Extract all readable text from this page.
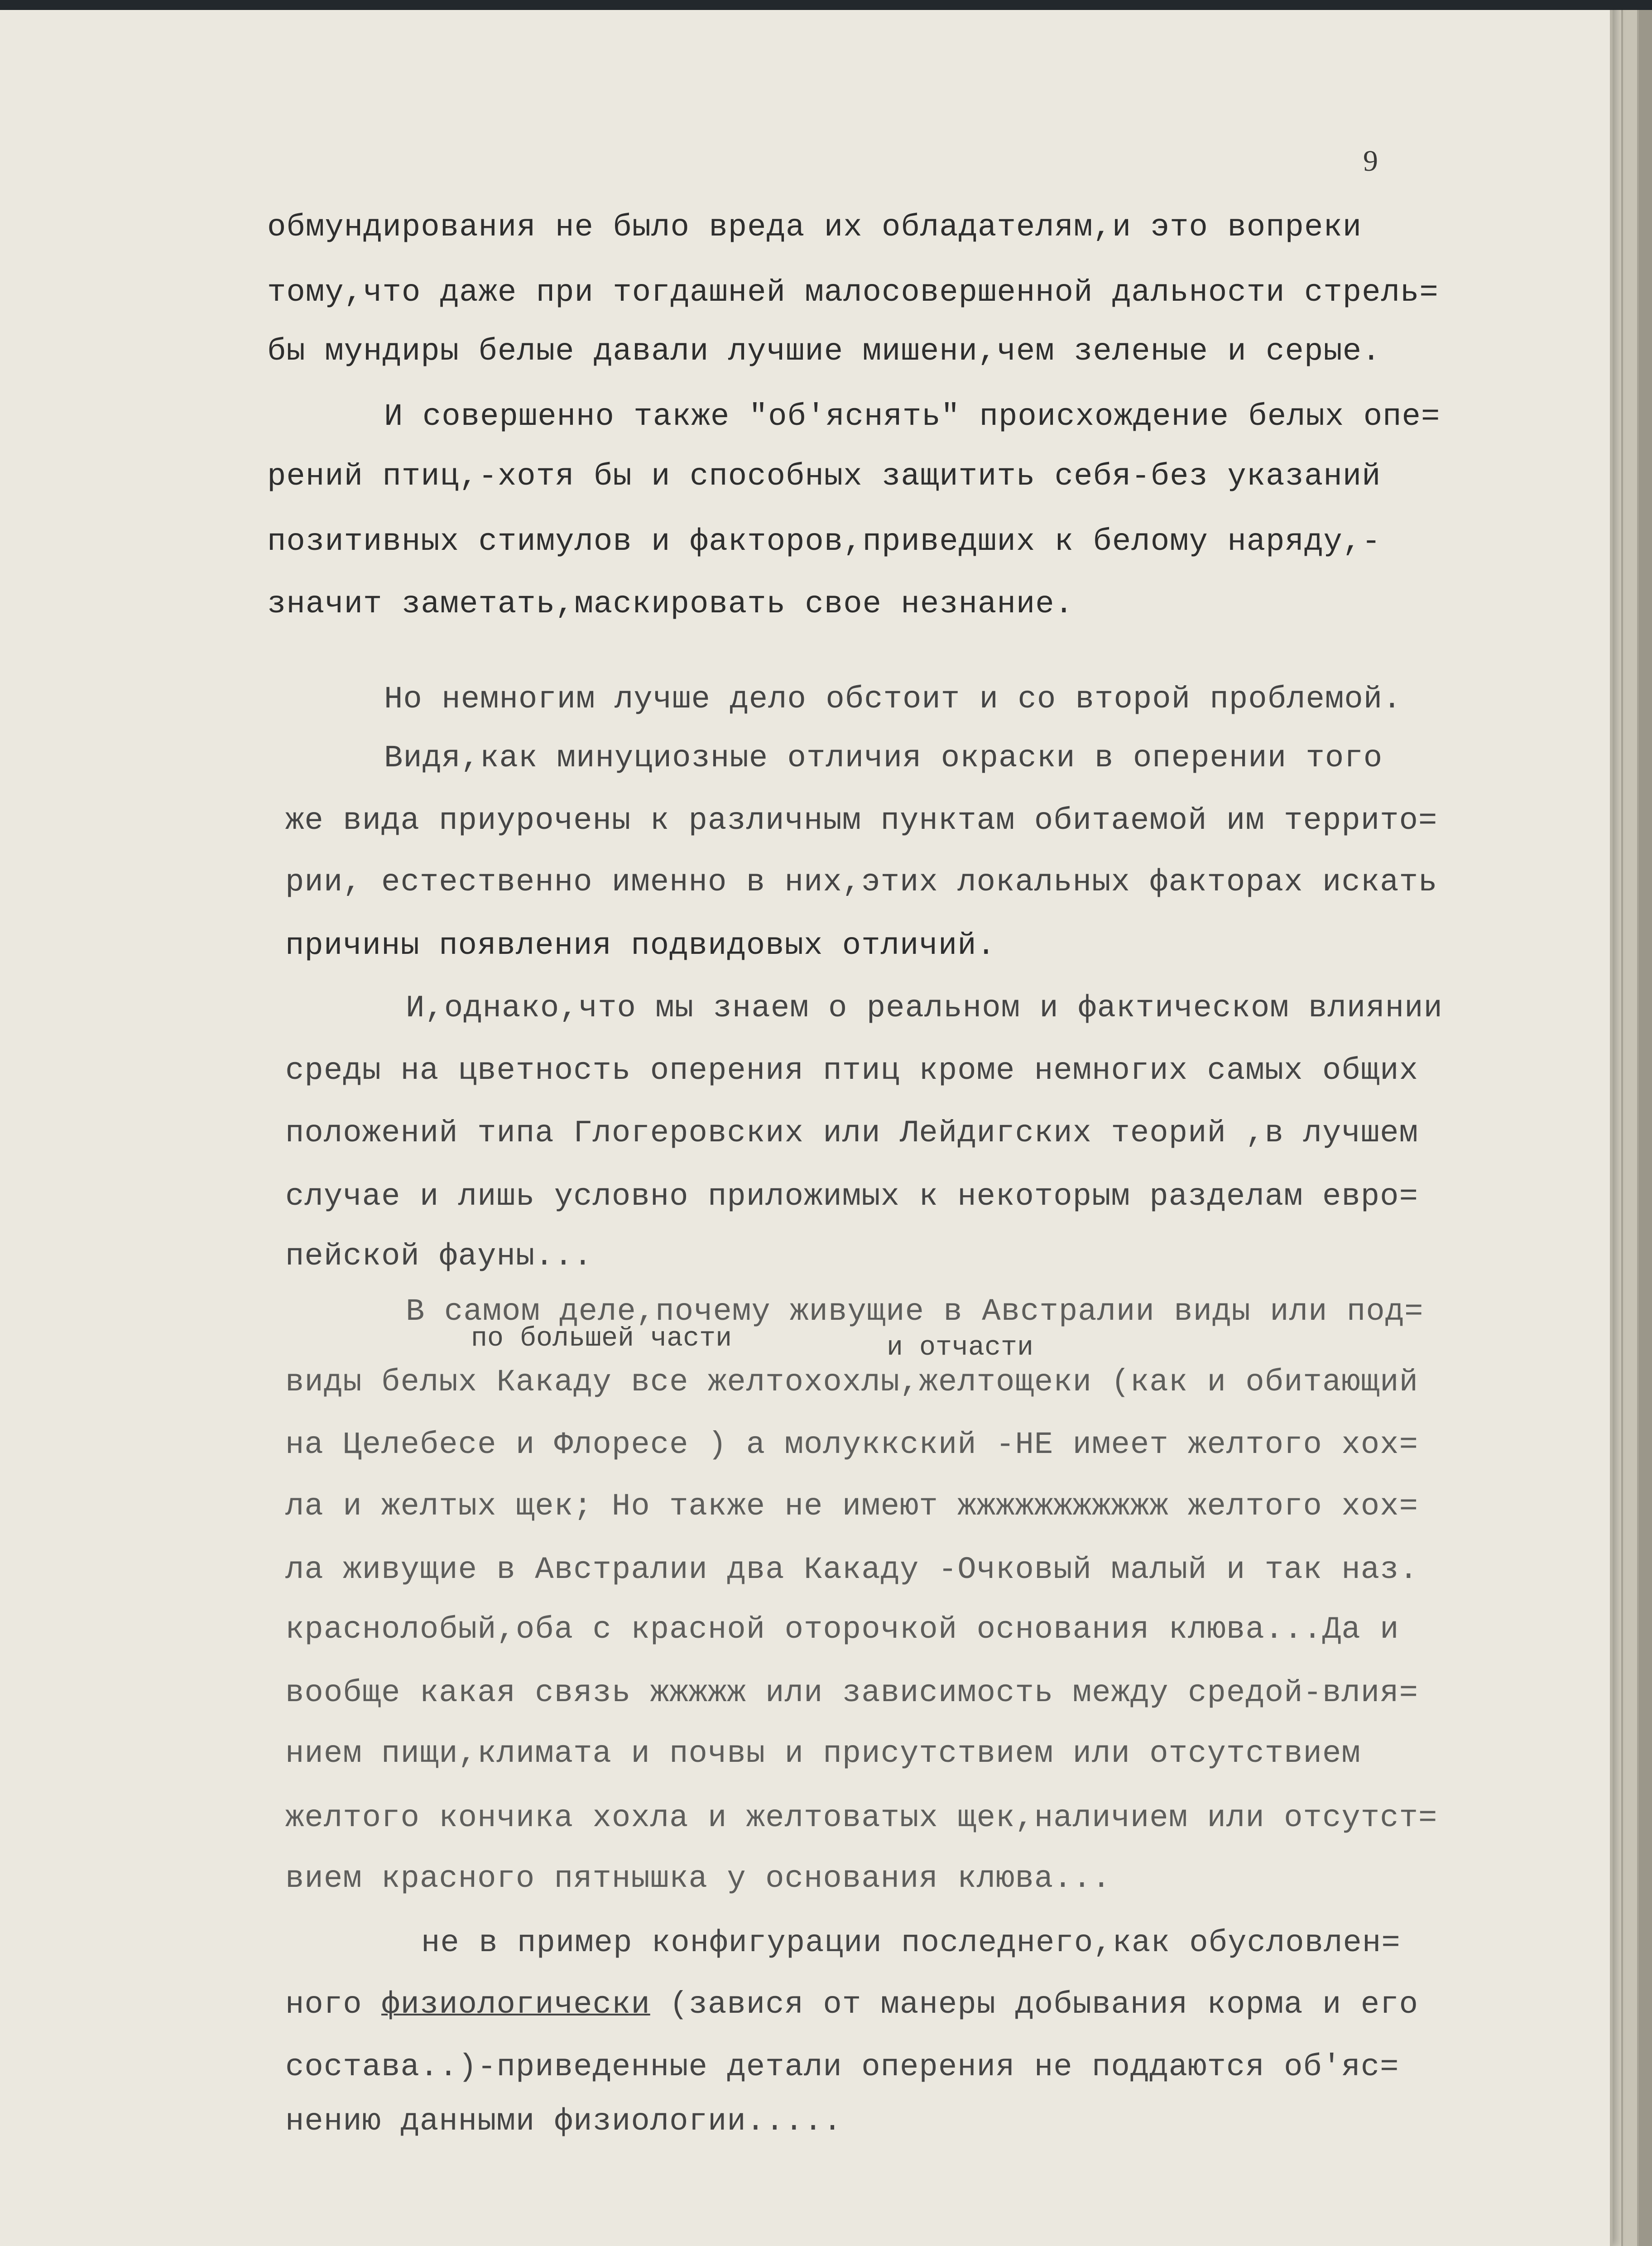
9
обмундирования не было вреда их обладателям,и это вопреки
тому,что даже при тогдашней малосовершенной дальности стрель=
бы мундиры белые давали лучшие мишени,чем зеленые и серые.
И совершенно также "об'яснять" происхождение белых опе=
рений птиц,-хотя бы и способных защитить себя-без указаний
позитивных стимулов и факторов,приведших к белому наряду,-
значит заметать,маскировать свое незнание.
Но немногим лучше дело обстоит и со второй проблемой.
Видя,как минуциозные отличия окраски в оперении того
же вида приурочены к различным пунктам обитаемой им террито=
рии, естественно именно в них,этих локальных факторах искать
причины появления подвидовых отличий.
И,однако,что мы знаем о реальном и фактическом влиянии
среды на цветность оперения птиц кроме немногих самых общих
положений типа Глогеровских или Лейдигских теорий ,в лучшем
случае и лишь условно приложимых к некоторым разделам евро=
пейской фауны...
В самом деле,почему живущие в Австралии виды или под=
по большей части	и отчасти
виды белых Какаду все желтохохлы,желтощеки (как и обитающий
на Целебесе и Флоресе ) а молуккский -НЕ имеет желтого хох=
ла и желтых щек; Но также не имеют жжжжжжжжжжж желтого хох=
ла живущие в Австралии два Какаду -Очковый малый и так наз.
краснолобый,оба с красной оторочкой основания клюва...Да и
вообще какая связь жжжжж или зависимость между средой-влия=
нием пищи,климата и почвы и присутствием или отсутствием
желтого кончика хохла и желтоватых щек,наличием или отсутст=
вием красного пятнышка у основания клюва...
не в пример конфигурации последнего,как обусловлен=
ного физиологически (завися от манеры добывания корма и его
состава..)-приведенные детали оперения не поддаются об'яс=
нению данными физиологии.....
